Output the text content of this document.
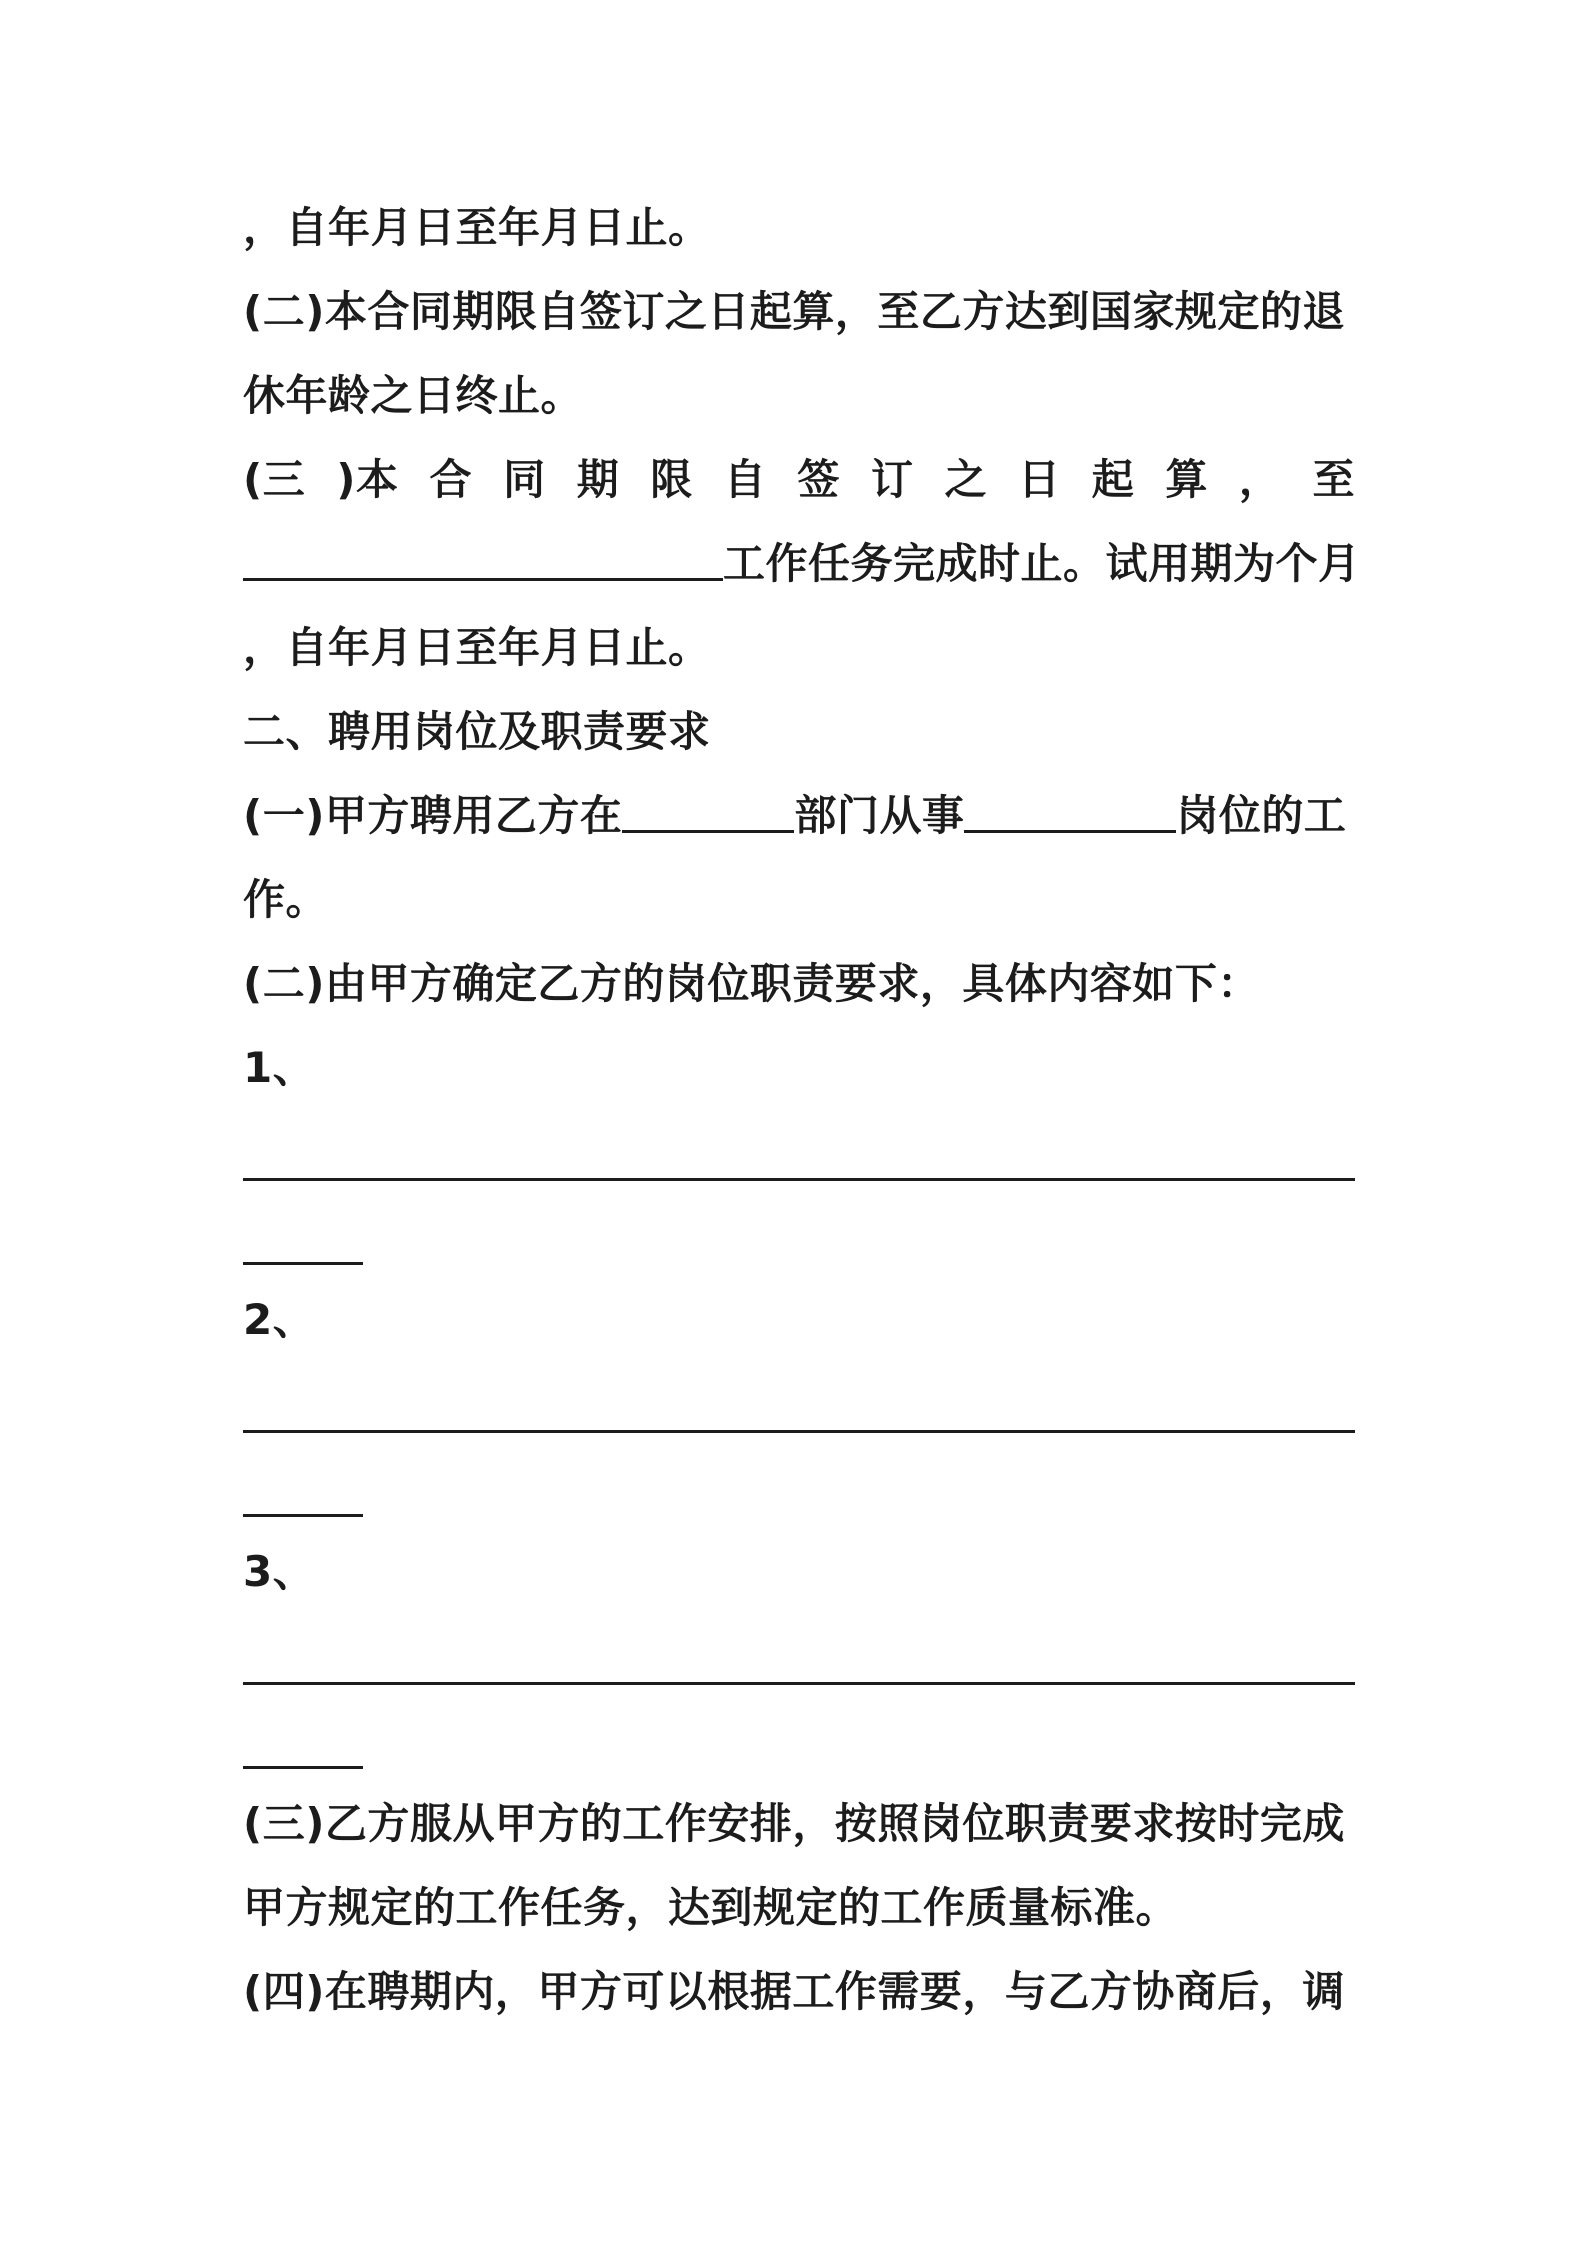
，自年月日至年月日止。
(二)本合同期限自签订之日起算，至乙方达到国家规定的退
休年龄之日终止。
(三 )本 合 同 期 限 自 签 订 之 日 起 算 ， 至
工作任务完成时止。试用期为个月
，自年月日至年月日止。
二、聘用岗位及职责要求
(一)甲方聘用乙方在	部门从事	岗位的工
作。
(二)由甲方确定乙方的岗位职责要求，具体内容如下：
1、
2、
3、
(三)乙方服从甲方的工作安排，按照岗位职责要求按时完成
甲方规定的工作任务，达到规定的工作质量标准。
(四)在聘期内，甲方可以根据工作需要，与乙方协商后，调
